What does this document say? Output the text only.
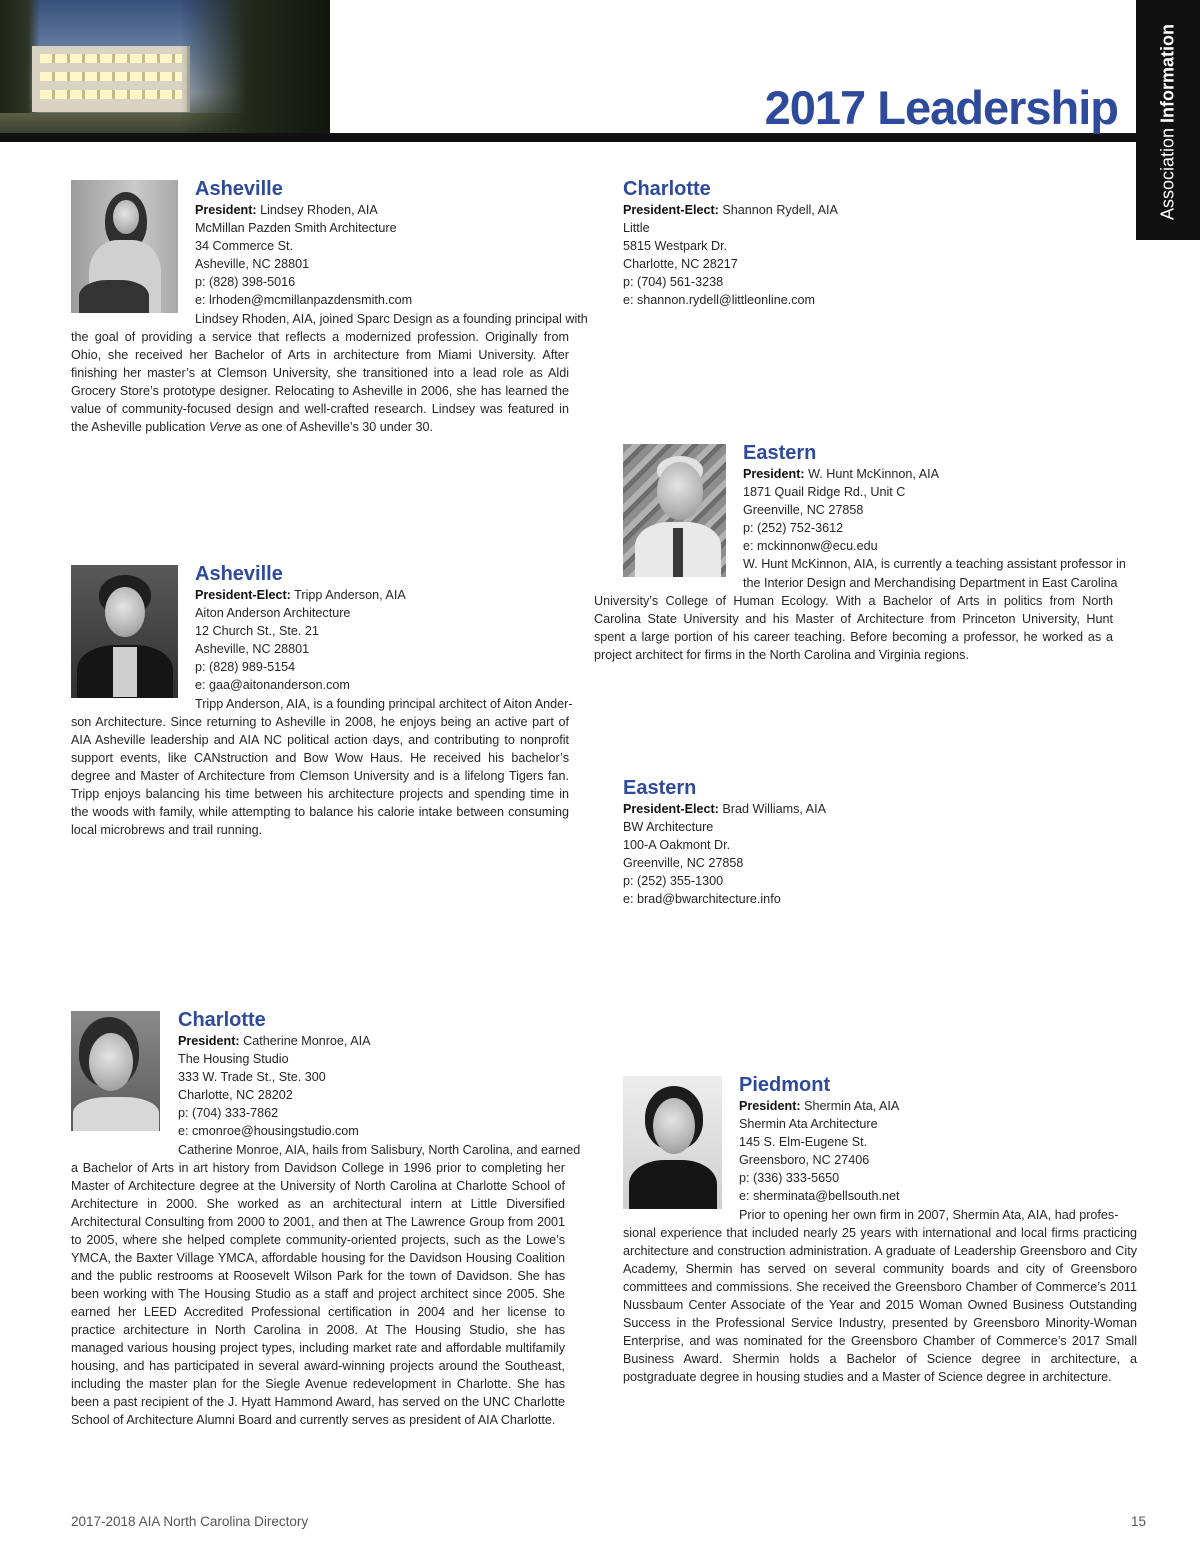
2017 Leadership
Association Information
Asheville
President: Lindsey Rhoden, AIA
McMillan Pazden Smith Architecture
34 Commerce St.
Asheville, NC 28801
p: (828) 398-5016
e: lrhoden@mcmillanpazdensmith.com
Lindsey Rhoden, AIA, joined Sparc Design as a founding principal with
the goal of providing a service that reflects a modernized profession. Originally from Ohio, she received her Bachelor of Arts in architecture from Miami University. After finishing her master’s at Clemson University, she transitioned into a lead role as Aldi Grocery Store’s prototype designer. Relocating to Asheville in 2006, she has learned the value of community-focused design and well-crafted research. Lindsey was featured in the Asheville publication Verve as one of Asheville’s 30 under 30.
Asheville
President-Elect: Tripp Anderson, AIA
Aiton Anderson Architecture
12 Church St., Ste. 21
Asheville, NC 28801
p: (828) 989-5154
e: gaa@aitonanderson.com
Tripp Anderson, AIA, is a founding principal architect of Aiton Ander-
son Architecture. Since returning to Asheville in 2008, he enjoys being an active part of AIA Asheville leadership and AIA NC political action days, and contributing to nonprofit support events, like CANstruction and Bow Wow Haus. He received his bachelor’s degree and Master of Architecture from Clemson University and is a lifelong Tigers fan. Tripp enjoys balancing his time between his architecture projects and spending time in the woods with family, while attempting to balance his calorie intake between consuming local microbrews and trail running.
Charlotte
President: Catherine Monroe, AIA
The Housing Studio
333 W. Trade St., Ste. 300
Charlotte, NC 28202
p: (704) 333-7862
e: cmonroe@housingstudio.com
Catherine Monroe, AIA, hails from Salisbury, North Carolina, and earned
a Bachelor of Arts in art history from Davidson College in 1996 prior to completing her Master of Architecture degree at the University of North Carolina at Charlotte School of Architecture in 2000. She worked as an architectural intern at Little Diversified Architectural Consulting from 2000 to 2001, and then at The Lawrence Group from 2001 to 2005, where she helped complete community-oriented projects, such as the Lowe’s YMCA, the Baxter Village YMCA, affordable housing for the Davidson Housing Coalition and the public restrooms at Roosevelt Wilson Park for the town of Davidson. She has been working with The Housing Studio as a staff and project architect since 2005. She earned her LEED Accredited Professional certification in 2004 and her license to practice architecture in North Carolina in 2008. At The Housing Studio, she has managed various housing project types, including market rate and affordable multifamily housing, and has participated in several award-winning projects around the Southeast, including the master plan for the Siegle Avenue redevelopment in Charlotte. She has been a past recipient of the J. Hyatt Hammond Award, has served on the UNC Charlotte School of Architecture Alumni Board and currently serves as president of AIA Charlotte.
Charlotte
President-Elect: Shannon Rydell, AIA
Little
5815 Westpark Dr.
Charlotte, NC 28217
p: (704) 561-3238
e: shannon.rydell@littleonline.com
Eastern
President: W. Hunt McKinnon, AIA
1871 Quail Ridge Rd., Unit C
Greenville, NC 27858
p: (252) 752-3612
e: mckinnonw@ecu.edu
W. Hunt McKinnon, AIA, is currently a teaching assistant professor in
the Interior Design and Merchandising Department in East Carolina
University’s College of Human Ecology. With a Bachelor of Arts in politics from North Carolina State University and his Master of Architecture from Princeton University, Hunt spent a large portion of his career teaching. Before becoming a professor, he worked as a project architect for firms in the North Carolina and Virginia regions.
Eastern
President-Elect: Brad Williams, AIA
BW Architecture
100-A Oakmont Dr.
Greenville, NC 27858
p: (252) 355-1300
e: brad@bwarchitecture.info
Piedmont
President: Shermin Ata, AIA
Shermin Ata Architecture
145 S. Elm-Eugene St.
Greensboro, NC 27406
p: (336) 333-5650
e: sherminata@bellsouth.net
Prior to opening her own firm in 2007, Shermin Ata, AIA, had profes-
sional experience that included nearly 25 years with international and local firms practicing architecture and construction administration. A graduate of Leadership Greensboro and City Academy, Shermin has served on several community boards and city of Greensboro committees and commissions. She received the Greensboro Chamber of Commerce’s 2011 Nussbaum Center Associate of the Year and 2015 Woman Owned Business Outstanding Success in the Professional Service Industry, presented by Greensboro Minority-Woman Enterprise, and was nominated for the Greensboro Chamber of Commerce’s 2017 Small Business Award. Shermin holds a Bachelor of Science degree in architecture, a postgraduate degree in housing studies and a Master of Science degree in architecture.
2017-2018 AIA North Carolina Directory	15
